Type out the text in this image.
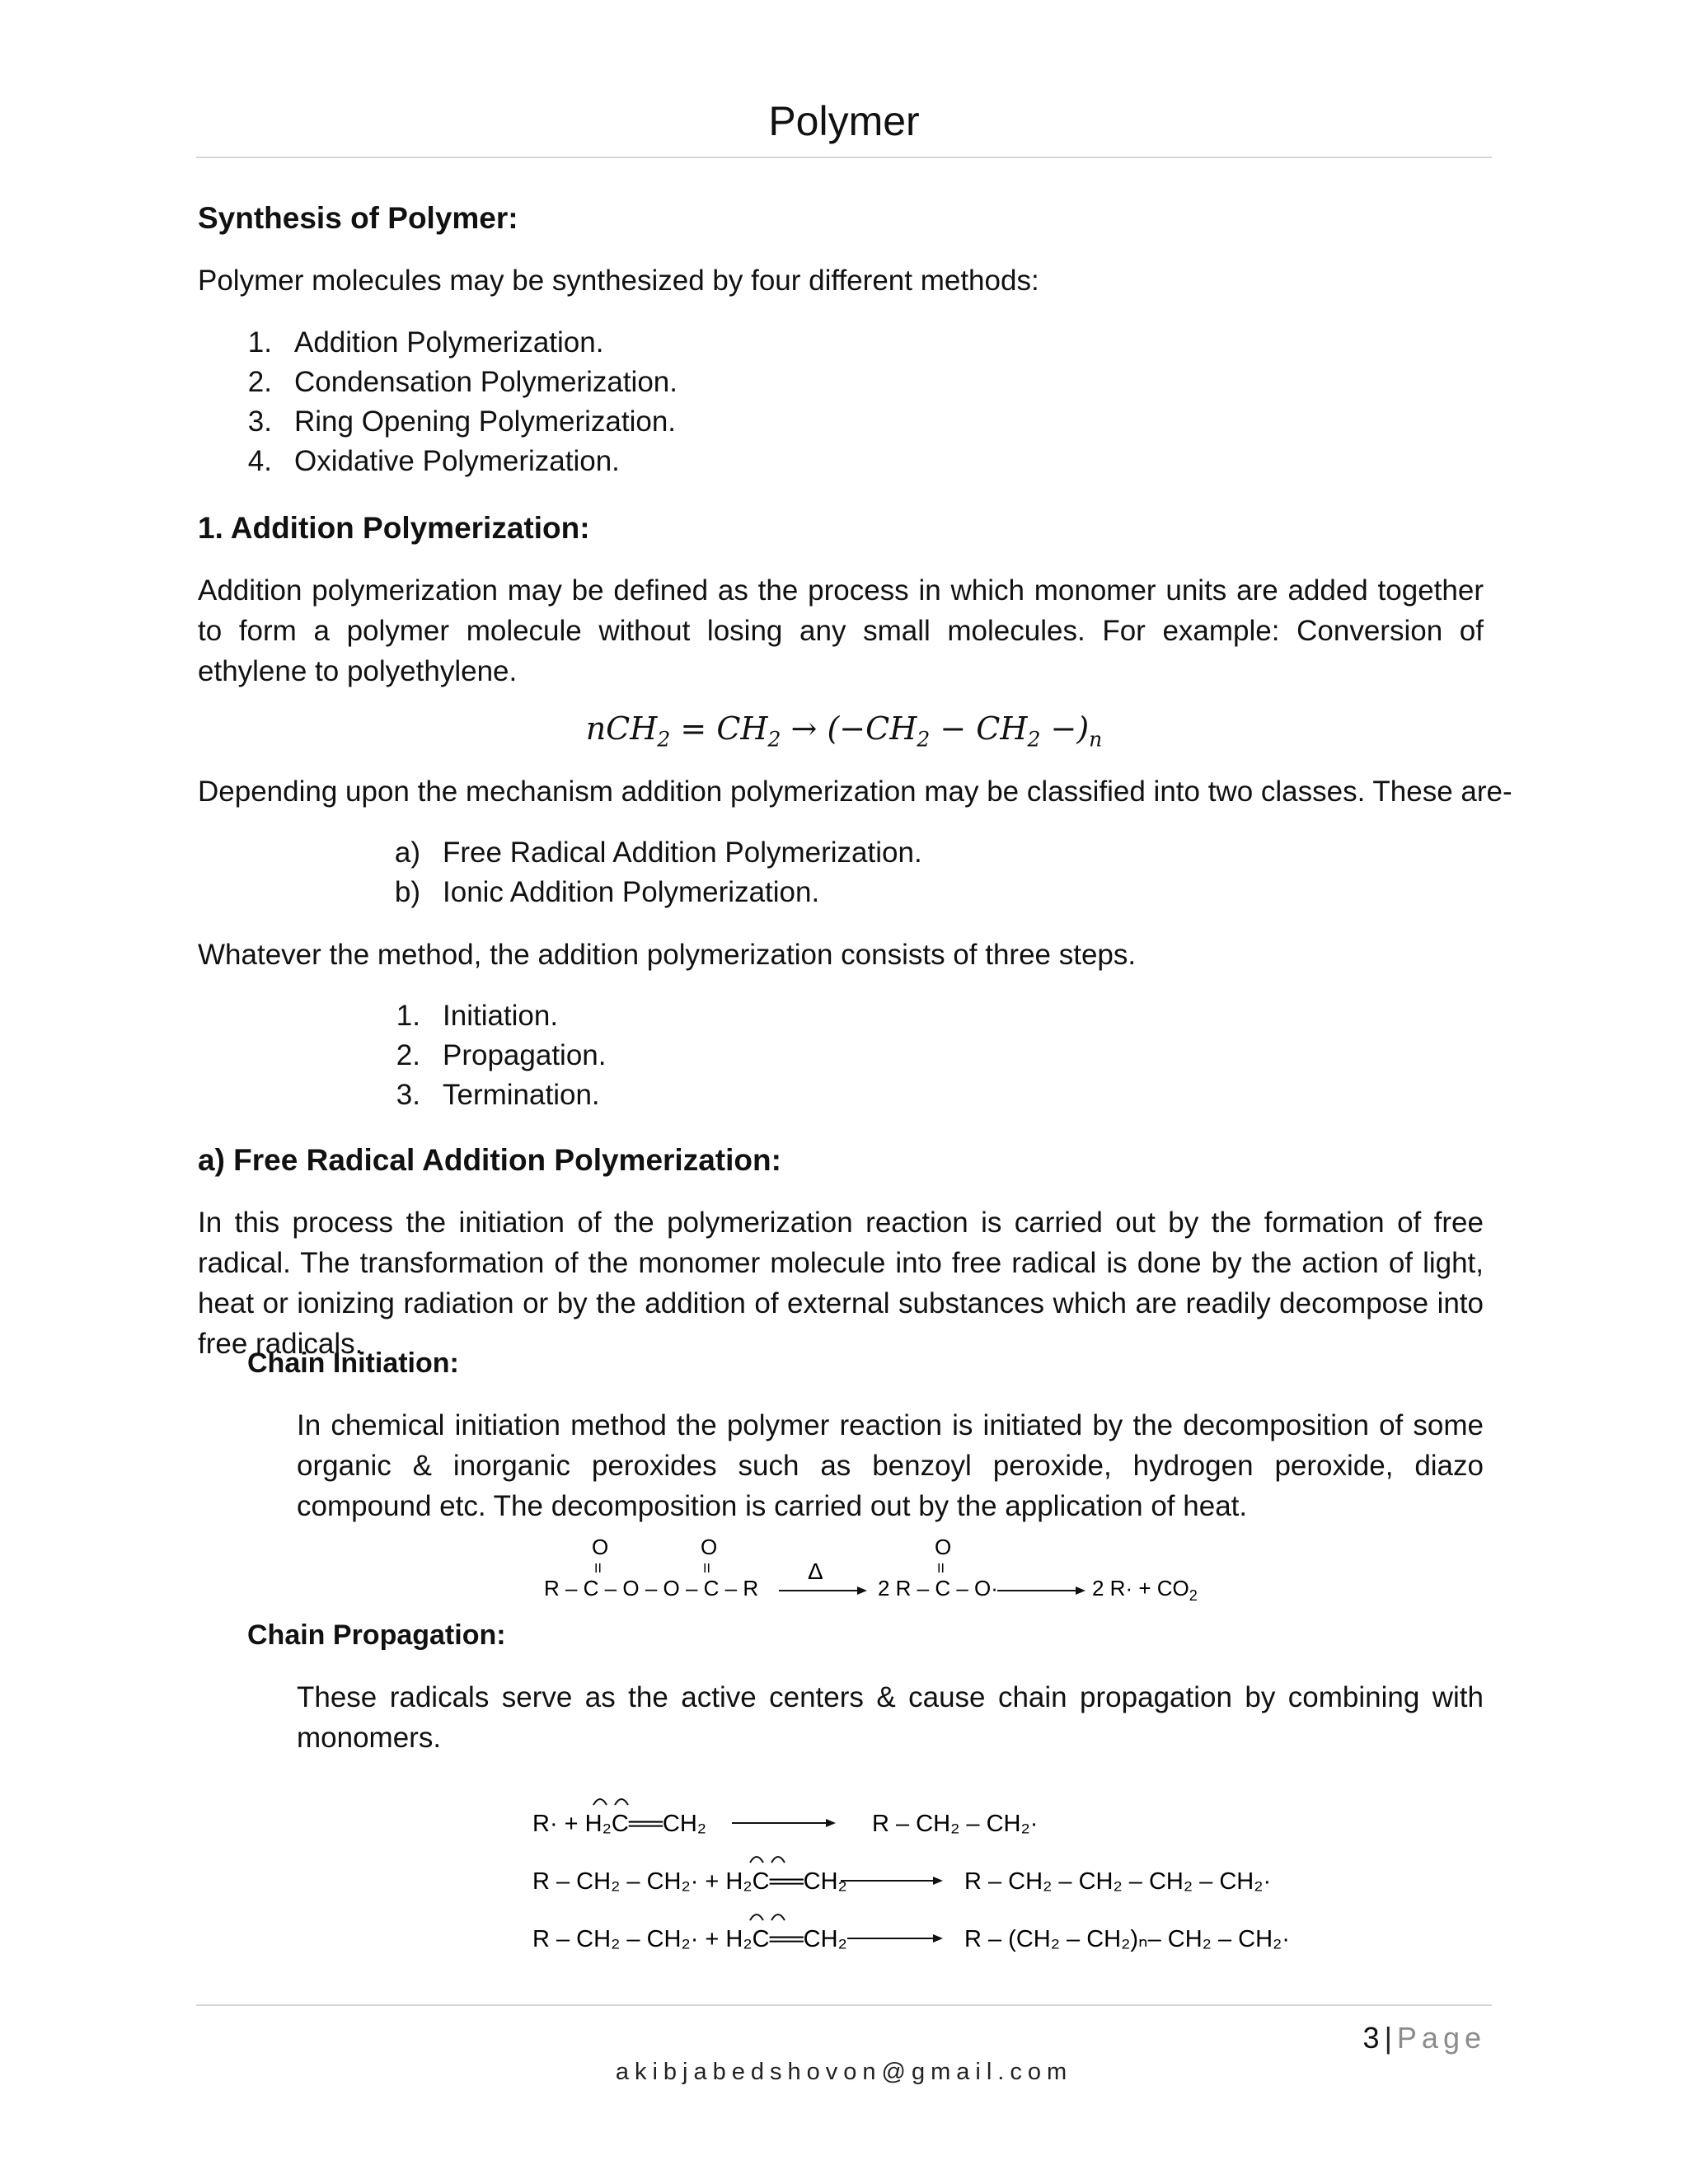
Polymer
Synthesis of Polymer:
Polymer molecules may be synthesized by four different methods:
1. Addition Polymerization.
2. Condensation Polymerization.
3. Ring Opening Polymerization.
4. Oxidative Polymerization.
1. Addition Polymerization:
Addition polymerization may be defined as the process in which monomer units are added together to form a polymer molecule without losing any small molecules. For example: Conversion of ethylene to polyethylene.
$nCH_2 = CH_2 \to (-CH_2 - CH_2 -)_n$
Depending upon the mechanism addition polymerization may be classified into two classes. These are-
a) Free Radical Addition Polymerization.
b) Ionic Addition Polymerization.
Whatever the method, the addition polymerization consists of three steps.
1. Initiation.
2. Propagation.
3. Termination.
a) Free Radical Addition Polymerization:
In this process the initiation of the polymerization reaction is carried out by the formation of free radical. The transformation of the monomer molecule into free radical is done by the action of light, heat or ionizing radiation or by the addition of external substances which are readily decompose into free radicals.
Chain Initiation:
In chemical initiation method the polymer reaction is initiated by the decomposition of some organic & inorganic peroxides such as benzoyl peroxide, hydrogen peroxide, diazo compound etc. The decomposition is carried out by the application of heat.
O
II
O
II
R – C – O – O – C – R
Δ
O
II
2 R – C – O·	2 $R\cdot + CO_2$
Chain Propagation:
These radicals serve as the active centers & cause chain propagation by combining with monomers.
R· + H₂C══CH₂	R – CH₂ – CH₂·
R – CH₂ – CH₂· + H₂C══CH₂	R – CH₂ – CH₂ – CH₂ – CH₂·
R – CH₂ – CH₂· + H₂C══CH₂	R – (CH₂ – CH₂)ₙ– CH₂ – CH₂·
3 | Page
akibjabedshovon@gmail.com
